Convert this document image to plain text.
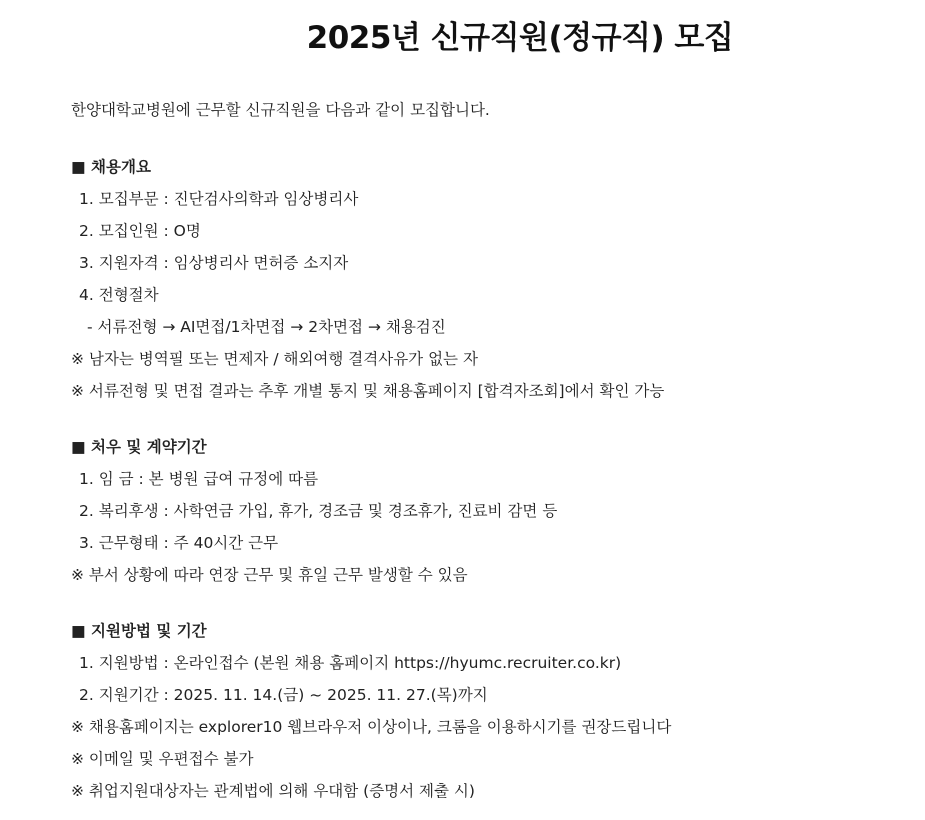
2025년 신규직원(정규직) 모집
한양대학교병원에 근무할 신규직원을 다음과 같이 모집합니다.
■ 채용개요
1. 모집부문 : 진단검사의학과 임상병리사
2. 모집인원 : O명
3. 지원자격 : 임상병리사 면허증 소지자
4. 전형절차
- 서류전형 → AI면접/1차면접 → 2차면접 → 채용검진
※ 남자는 병역필 또는 면제자 / 해외여행 결격사유가 없는 자
※ 서류전형 및 면접 결과는 추후 개별 통지 및 채용홈페이지 [합격자조회]에서 확인 가능
■ 처우 및 계약기간
1. 임 금 : 본 병원 급여 규정에 따름
2. 복리후생 : 사학연금 가입, 휴가, 경조금 및 경조휴가, 진료비 감면 등
3. 근무형태 : 주 40시간 근무
※ 부서 상황에 따라 연장 근무 및 휴일 근무 발생할 수 있음
■ 지원방법 및 기간
1. 지원방법 : 온라인접수 (본원 채용 홈페이지 https://hyumc.recruiter.co.kr)
2. 지원기간 : 2025. 11. 14.(금) ~ 2025. 11. 27.(목)까지
※ 채용홈페이지는 explorer10 웹브라우저 이상이나, 크롬을 이용하시기를 권장드립니다
※ 이메일 및 우편접수 불가
※ 취업지원대상자는 관계법에 의해 우대함 (증명서 제출 시)
